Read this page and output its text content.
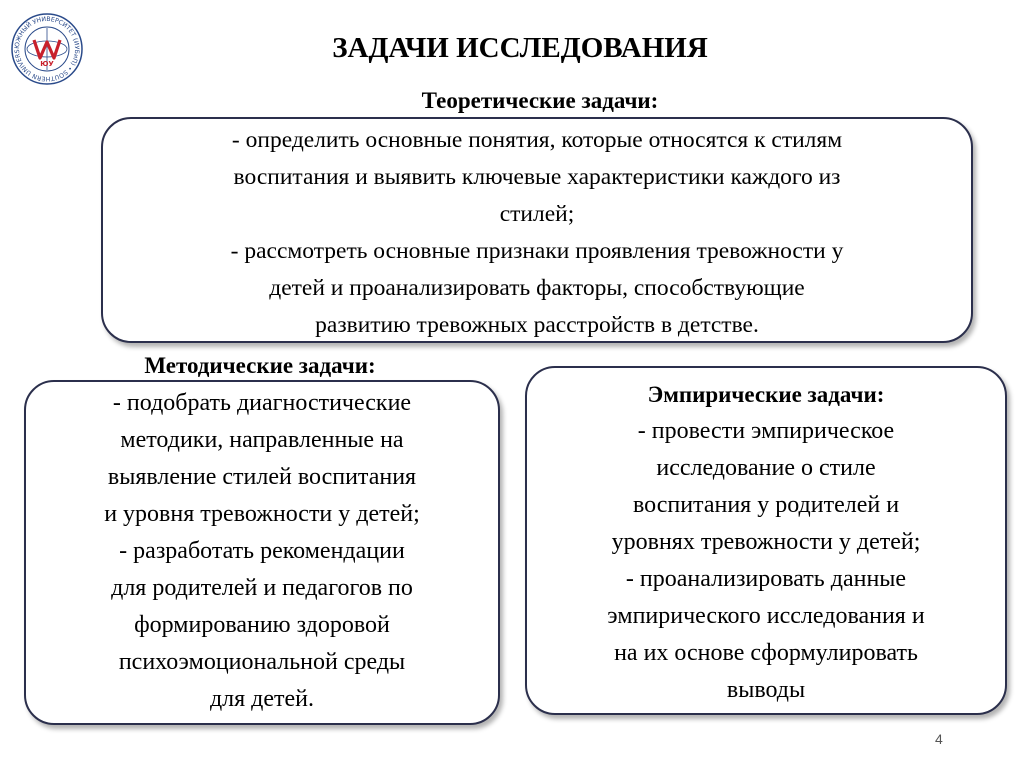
ЮЖНЫЙ УНИВЕРСИТЕТ (ИУБиП) • SOUTHERN UNIVERS
ЮУ	ЗАДАЧИ ИССЛЕДОВАНИЯ
Теоретические задачи:
- определить основные понятия, которые относятся к стилям
воспитания и выявить ключевые характеристики каждого из
стилей;
- рассмотреть основные признаки проявления тревожности у
детей и проанализировать факторы, способствующие
развитию тревожных расстройств в детстве.
Методические задачи:
- подобрать диагностические
методики, направленные на
выявление стилей воспитания
и уровня тревожности у детей;
- разработать рекомендации
для родителей и педагогов по
формированию здоровой
психоэмоциональной среды
для детей.
Эмпирические задачи:
- провести эмпирическое
исследование о стиле
воспитания у родителей и
уровнях тревожности у детей;
- проанализировать данные
эмпирического исследования и
на их основе сформулировать
выводы
4
